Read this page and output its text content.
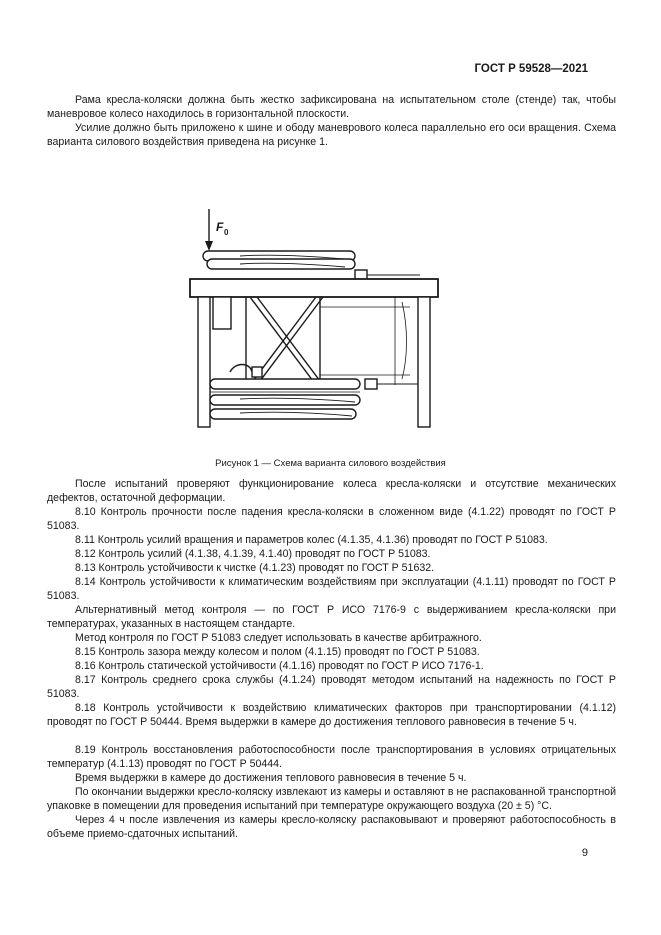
ГОСТ Р 59528—2021

Рама кресла-коляски должна быть жестко зафиксирована на испытательном столе (стенде) так, чтобы маневровое колесо находилось в горизонтальной плоскости.

Усилие должно быть приложено к шине и ободу маневрового колеса параллельно его оси вращения. Схема варианта силового воздействия приведена на рисунке 1.

F 0
Рисунок 1 — Схема варианта силового воздействия

После испытаний проверяют функционирование колеса кресла-коляски и отсутствие механических дефектов, остаточной деформации.

8.10 Контроль прочности после падения кресла-коляски в сложенном виде (4.1.22) проводят по ГОСТ Р 51083.

8.11 Контроль усилий вращения и параметров колес (4.1.35, 4.1.36) проводят по ГОСТ Р 51083.

8.12 Контроль усилий (4.1.38, 4.1.39, 4.1.40) проводят по ГОСТ Р 51083.

8.13 Контроль устойчивости к чистке (4.1.23) проводят по ГОСТ Р 51632.

8.14 Контроль устойчивости к климатическим воздействиям при эксплуатации (4.1.11) проводят по ГОСТ Р 51083.

Альтернативный метод контроля — по ГОСТ Р ИСО 7176-9 с выдерживанием кресла-коляски при температурах, указанных в настоящем стандарте.

Метод контроля по ГОСТ Р 51083 следует использовать в качестве арбитражного.

8.15 Контроль зазора между колесом и полом (4.1.15) проводят по ГОСТ Р 51083.

8.16 Контроль статической устойчивости (4.1.16) проводят по ГОСТ Р ИСО 7176-1.

8.17 Контроль среднего срока службы (4.1.24) проводят методом испытаний на надежность по ГОСТ Р 51083.

8.18 Контроль устойчивости к воздействию климатических факторов при транспортировании (4.1.12) проводят по ГОСТ Р 50444. Время выдержки в камере до достижения теплового равновесия в течение 5 ч.

8.19 Контроль восстановления работоспособности после транспортирования в условиях отрицательных температур (4.1.13) проводят по ГОСТ Р 50444.

Время выдержки в камере до достижения теплового равновесия в течение 5 ч.

По окончании выдержки кресло-коляску извлекают из камеры и оставляют в не распакованной транспортной упаковке в помещении для проведения испытаний при температуре окружающего воздуха (20 ± 5) °С.

Через 4 ч после извлечения из камеры кресло-коляску распаковывают и проверяют работоспособность в объеме приемо-сдаточных испытаний.

9
